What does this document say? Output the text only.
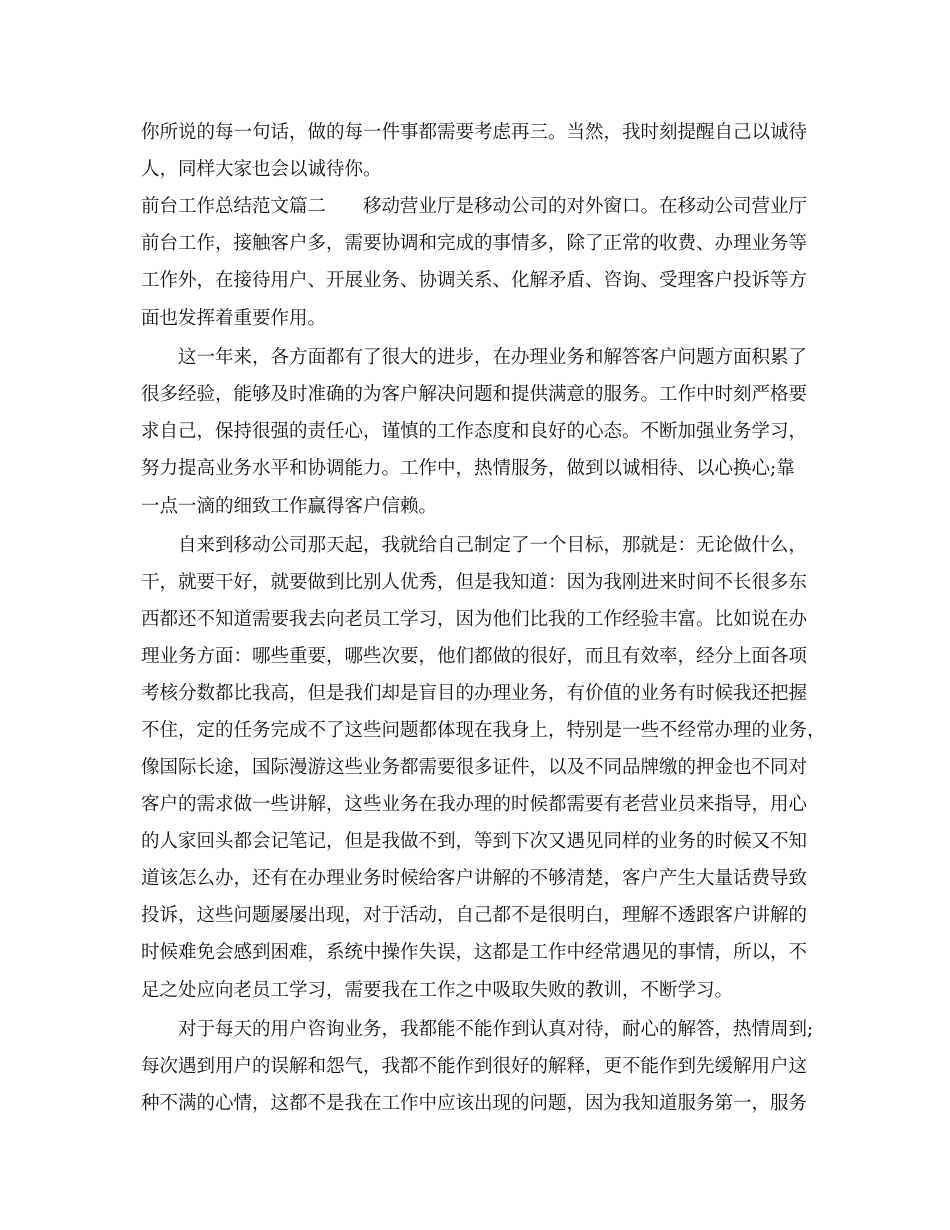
你所说的每一句话，做的每一件事都需要考虑再三。当然，我时刻提醒自己以诚待
人，同样大家也会以诚待你。
前台工作总结范文篇二　　移动营业厅是移动公司的对外窗口。在移动公司营业厅
前台工作，接触客户多，需要协调和完成的事情多，除了正常的收费、办理业务等
工作外，在接待用户、开展业务、协调关系、化解矛盾、咨询、受理客户投诉等方
面也发挥着重要作用。
　　这一年来，各方面都有了很大的进步，在办理业务和解答客户问题方面积累了
很多经验，能够及时准确的为客户解决问题和提供满意的服务。工作中时刻严格要
求自己，保持很强的责任心，谨慎的工作态度和良好的心态。不断加强业务学习，
努力提高业务水平和协调能力。工作中，热情服务，做到以诚相待、以心换心;靠
一点一滴的细致工作赢得客户信赖。
　　自来到移动公司那天起，我就给自己制定了一个目标，那就是：无论做什么，
干，就要干好，就要做到比别人优秀，但是我知道：因为我刚进来时间不长很多东
西都还不知道需要我去向老员工学习，因为他们比我的工作经验丰富。比如说在办
理业务方面：哪些重要，哪些次要，他们都做的很好，而且有效率，经分上面各项
考核分数都比我高，但是我们却是盲目的办理业务，有价值的业务有时候我还把握
不住，定的任务完成不了这些问题都体现在我身上，特别是一些不经常办理的业务，
像国际长途，国际漫游这些业务都需要很多证件，以及不同品牌缴的押金也不同对
客户的需求做一些讲解，这些业务在我办理的时候都需要有老营业员来指导，用心
的人家回头都会记笔记，但是我做不到，等到下次又遇见同样的业务的时候又不知
道该怎么办，还有在办理业务时候给客户讲解的不够清楚，客户产生大量话费导致
投诉，这些问题屡屡出现，对于活动，自己都不是很明白，理解不透跟客户讲解的
时候难免会感到困难，系统中操作失误，这都是工作中经常遇见的事情，所以，不
足之处应向老员工学习，需要我在工作之中吸取失败的教训，不断学习。
　　对于每天的用户咨询业务，我都能不能作到认真对待，耐心的解答，热情周到;
每次遇到用户的误解和怨气，我都不能作到很好的解释，更不能作到先缓解用户这
种不满的心情，这都不是我在工作中应该出现的问题，因为我知道服务第一，服务
